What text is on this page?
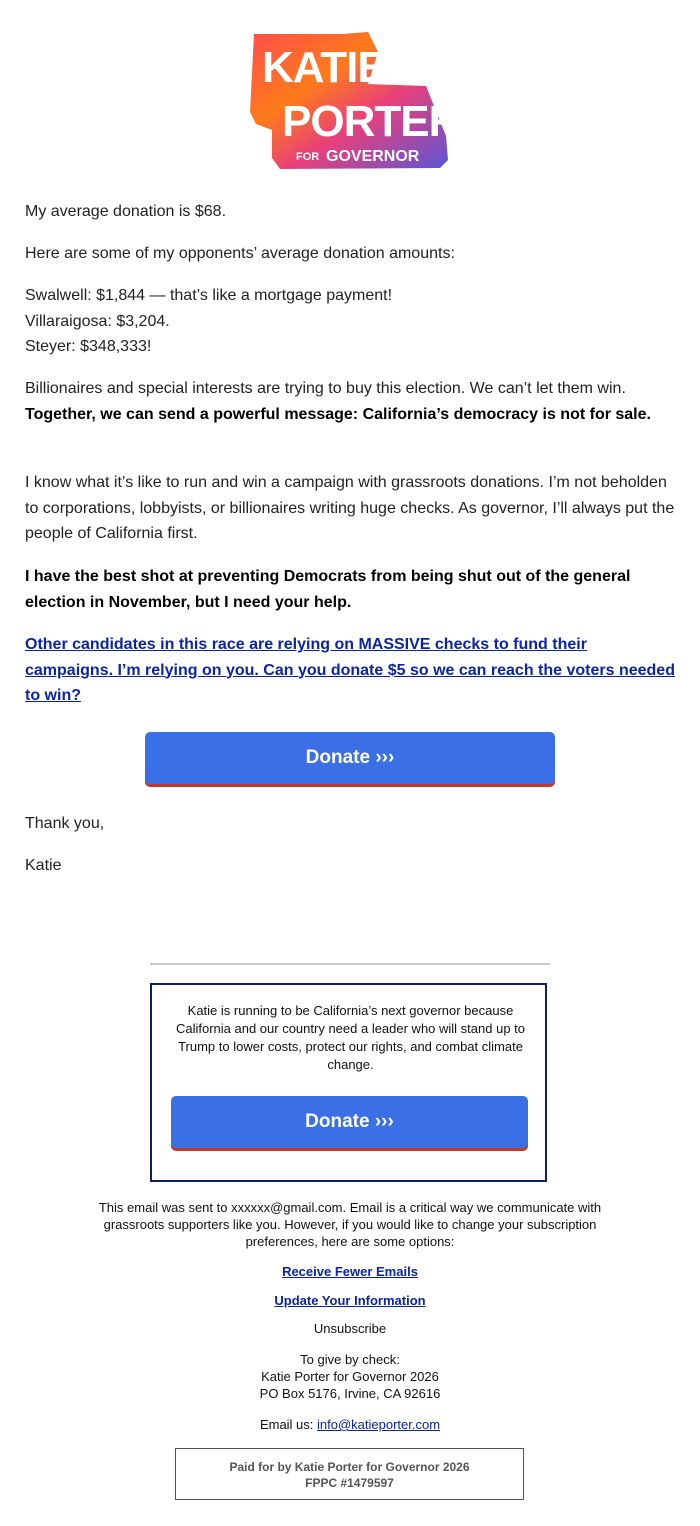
KATIE
PORTER
FOR GOVERNOR

My average donation is $68.

Here are some of my opponents’ average donation amounts:

Swalwell: $1,844 — that’s like a mortgage payment!
Villaraigosa: $3,204.
Steyer: $348,333!

Billionaires and special interests are trying to buy this election. We can’t let them win. Together, we can send a powerful message: California’s democracy is not for sale.

I know what it’s like to run and win a campaign with grassroots donations. I’m not beholden to corporations, lobbyists, or billionaires writing huge checks. As governor, I’ll always put the people of California first.

I have the best shot at preventing Democrats from being shut out of the general election in November, but I need your help.

Other candidates in this race are relying on MASSIVE checks to fund their campaigns. I’m relying on you. Can you donate $5 so we can reach the voters needed to win?

Thank you,

Katie

Donate ›››
Katie is running to be California’s next governor because California and our country need a leader who will stand up to Trump to lower costs, protect our rights, and combat climate change.
Donate ›››
This email was sent to xxxxxx@gmail.com. Email is a critical way we communicate with grassroots supporters like you. However, if you would like to change your subscription preferences, here are some options:
Receive Fewer Emails
Update Your Information
Unsubscribe
To give by check:
Katie Porter for Governor 2026
PO Box 5176, Irvine, CA 92616
Email us: info@katieporter.com
Paid for by Katie Porter for Governor 2026
FPPC #1479597
